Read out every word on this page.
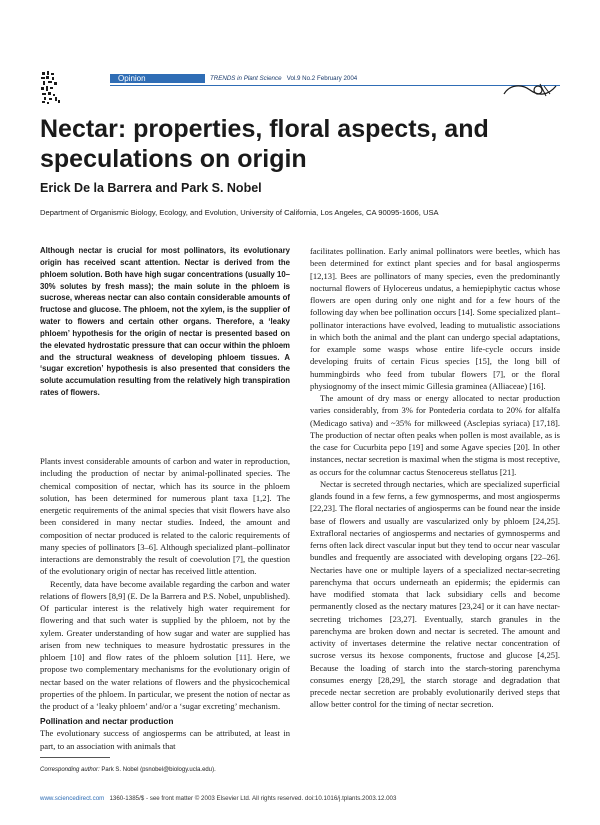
Opinion	TRENDS in Plant Science Vol.9 No.2 February 2004
Nectar: properties, floral aspects, and speculations on origin
Erick De la Barrera and Park S. Nobel
Department of Organismic Biology, Ecology, and Evolution, University of California, Los Angeles, CA 90095-1606, USA
Although nectar is crucial for most pollinators, its evolutionary origin has received scant attention. Nectar is derived from the phloem solution. Both have high sugar concentrations (usually 10–30% solutes by fresh mass); the main solute in the phloem is sucrose, whereas nectar can also contain considerable amounts of fructose and glucose. The phloem, not the xylem, is the supplier of water to flowers and certain other organs. Therefore, a ‘leaky phloem’ hypothesis for the origin of nectar is presented based on the elevated hydrostatic pressure that can occur within the phloem and the structural weakness of developing phloem tissues. A ‘sugar excretion’ hypothesis is also presented that considers the solute accumulation resulting from the relatively high transpiration rates of flowers.

Plants invest considerable amounts of carbon and water in reproduction, including the production of nectar by animal-pollinated species. The chemical composition of nectar, which has its source in the phloem solution, has been determined for numerous plant taxa [1,2]. The energetic requirements of the animal species that visit flowers have also been considered in many nectar studies. Indeed, the amount and composition of nectar produced is related to the caloric requirements of many species of pollinators [3–6]. Although specialized plant–pollinator interactions are demonstrably the result of coevolution [7], the question of the evolutionary origin of nectar has received little attention.

Recently, data have become available regarding the carbon and water relations of flowers [8,9] (E. De la Barrera and P.S. Nobel, unpublished). Of particular interest is the relatively high water requirement for flowering and that such water is supplied by the phloem, not by the xylem. Greater understanding of how sugar and water are supplied has arisen from new techniques to measure hydrostatic pressures in the phloem [10] and flow rates of the phloem solution [11]. Here, we propose two complementary mechanisms for the evolutionary origin of nectar based on the water relations of flowers and the physicochemical properties of the phloem. In particular, we present the notion of nectar as the product of a ‘leaky phloem’ and/or a ‘sugar excreting’ mechanism.

Pollination and nectar production

The evolutionary success of angiosperms can be attributed, at least in part, to an association with animals that

facilitates pollination. Early animal pollinators were beetles, which has been determined for extinct plant species and for basal angiosperms [12,13]. Bees are pollinators of many species, even the predominantly nocturnal flowers of Hylocereus undatus, a hemiepiphytic cactus whose flowers are open during only one night and for a few hours of the following day when bee pollination occurs [14]. Some specialized plant–pollinator interactions have evolved, leading to mutualistic associations in which both the animal and the plant can undergo special adaptations, for example some wasps whose entire life-cycle occurs inside developing fruits of certain Ficus species [15], the long bill of hummingbirds who feed from tubular flowers [7], or the floral physiognomy of the insect mimic Gillesia graminea (Alliaceae) [16].

The amount of dry mass or energy allocated to nectar production varies considerably, from 3% for Pontederia cordata to 20% for alfalfa (Medicago sativa) and ~35% for milkweed (Asclepias syriaca) [17,18]. The production of nectar often peaks when pollen is most available, as is the case for Cucurbita pepo [19] and some Agave species [20]. In other instances, nectar secretion is maximal when the stigma is most receptive, as occurs for the columnar cactus Stenocereus stellatus [21].

Nectar is secreted through nectaries, which are specialized superficial glands found in a few ferns, a few gymnosperms, and most angiosperms [22,23]. The floral nectaries of angiosperms can be found near the inside base of flowers and usually are vascularized only by phloem [24,25]. Extrafloral nectaries of angiosperms and nectaries of gymnosperms and ferns often lack direct vascular input but they tend to occur near vascular bundles and frequently are associated with developing organs [22–26]. Nectaries have one or multiple layers of a specialized nectar-secreting parenchyma that occurs underneath an epidermis; the epidermis can have modified stomata that lack subsidiary cells and become permanently closed as the nectary matures [23,24] or it can have nectar-secreting trichomes [23,27]. Eventually, starch granules in the parenchyma are broken down and nectar is secreted. The amount and activity of invertases determine the relative nectar concentration of sucrose versus its hexose components, fructose and glucose [4,25]. Because the loading of starch into the starch-storing parenchyma consumes energy [28,29], the starch storage and degradation that precede nectar secretion are probably evolutionarily derived steps that allow better control for the timing of nectar secretion.

Corresponding author: Park S. Nobel (psnobel@biology.ucla.edu).
www.sciencedirect.com 1360-1385/$ - see front matter © 2003 Elsevier Ltd. All rights reserved. doi:10.1016/j.tplants.2003.12.003
